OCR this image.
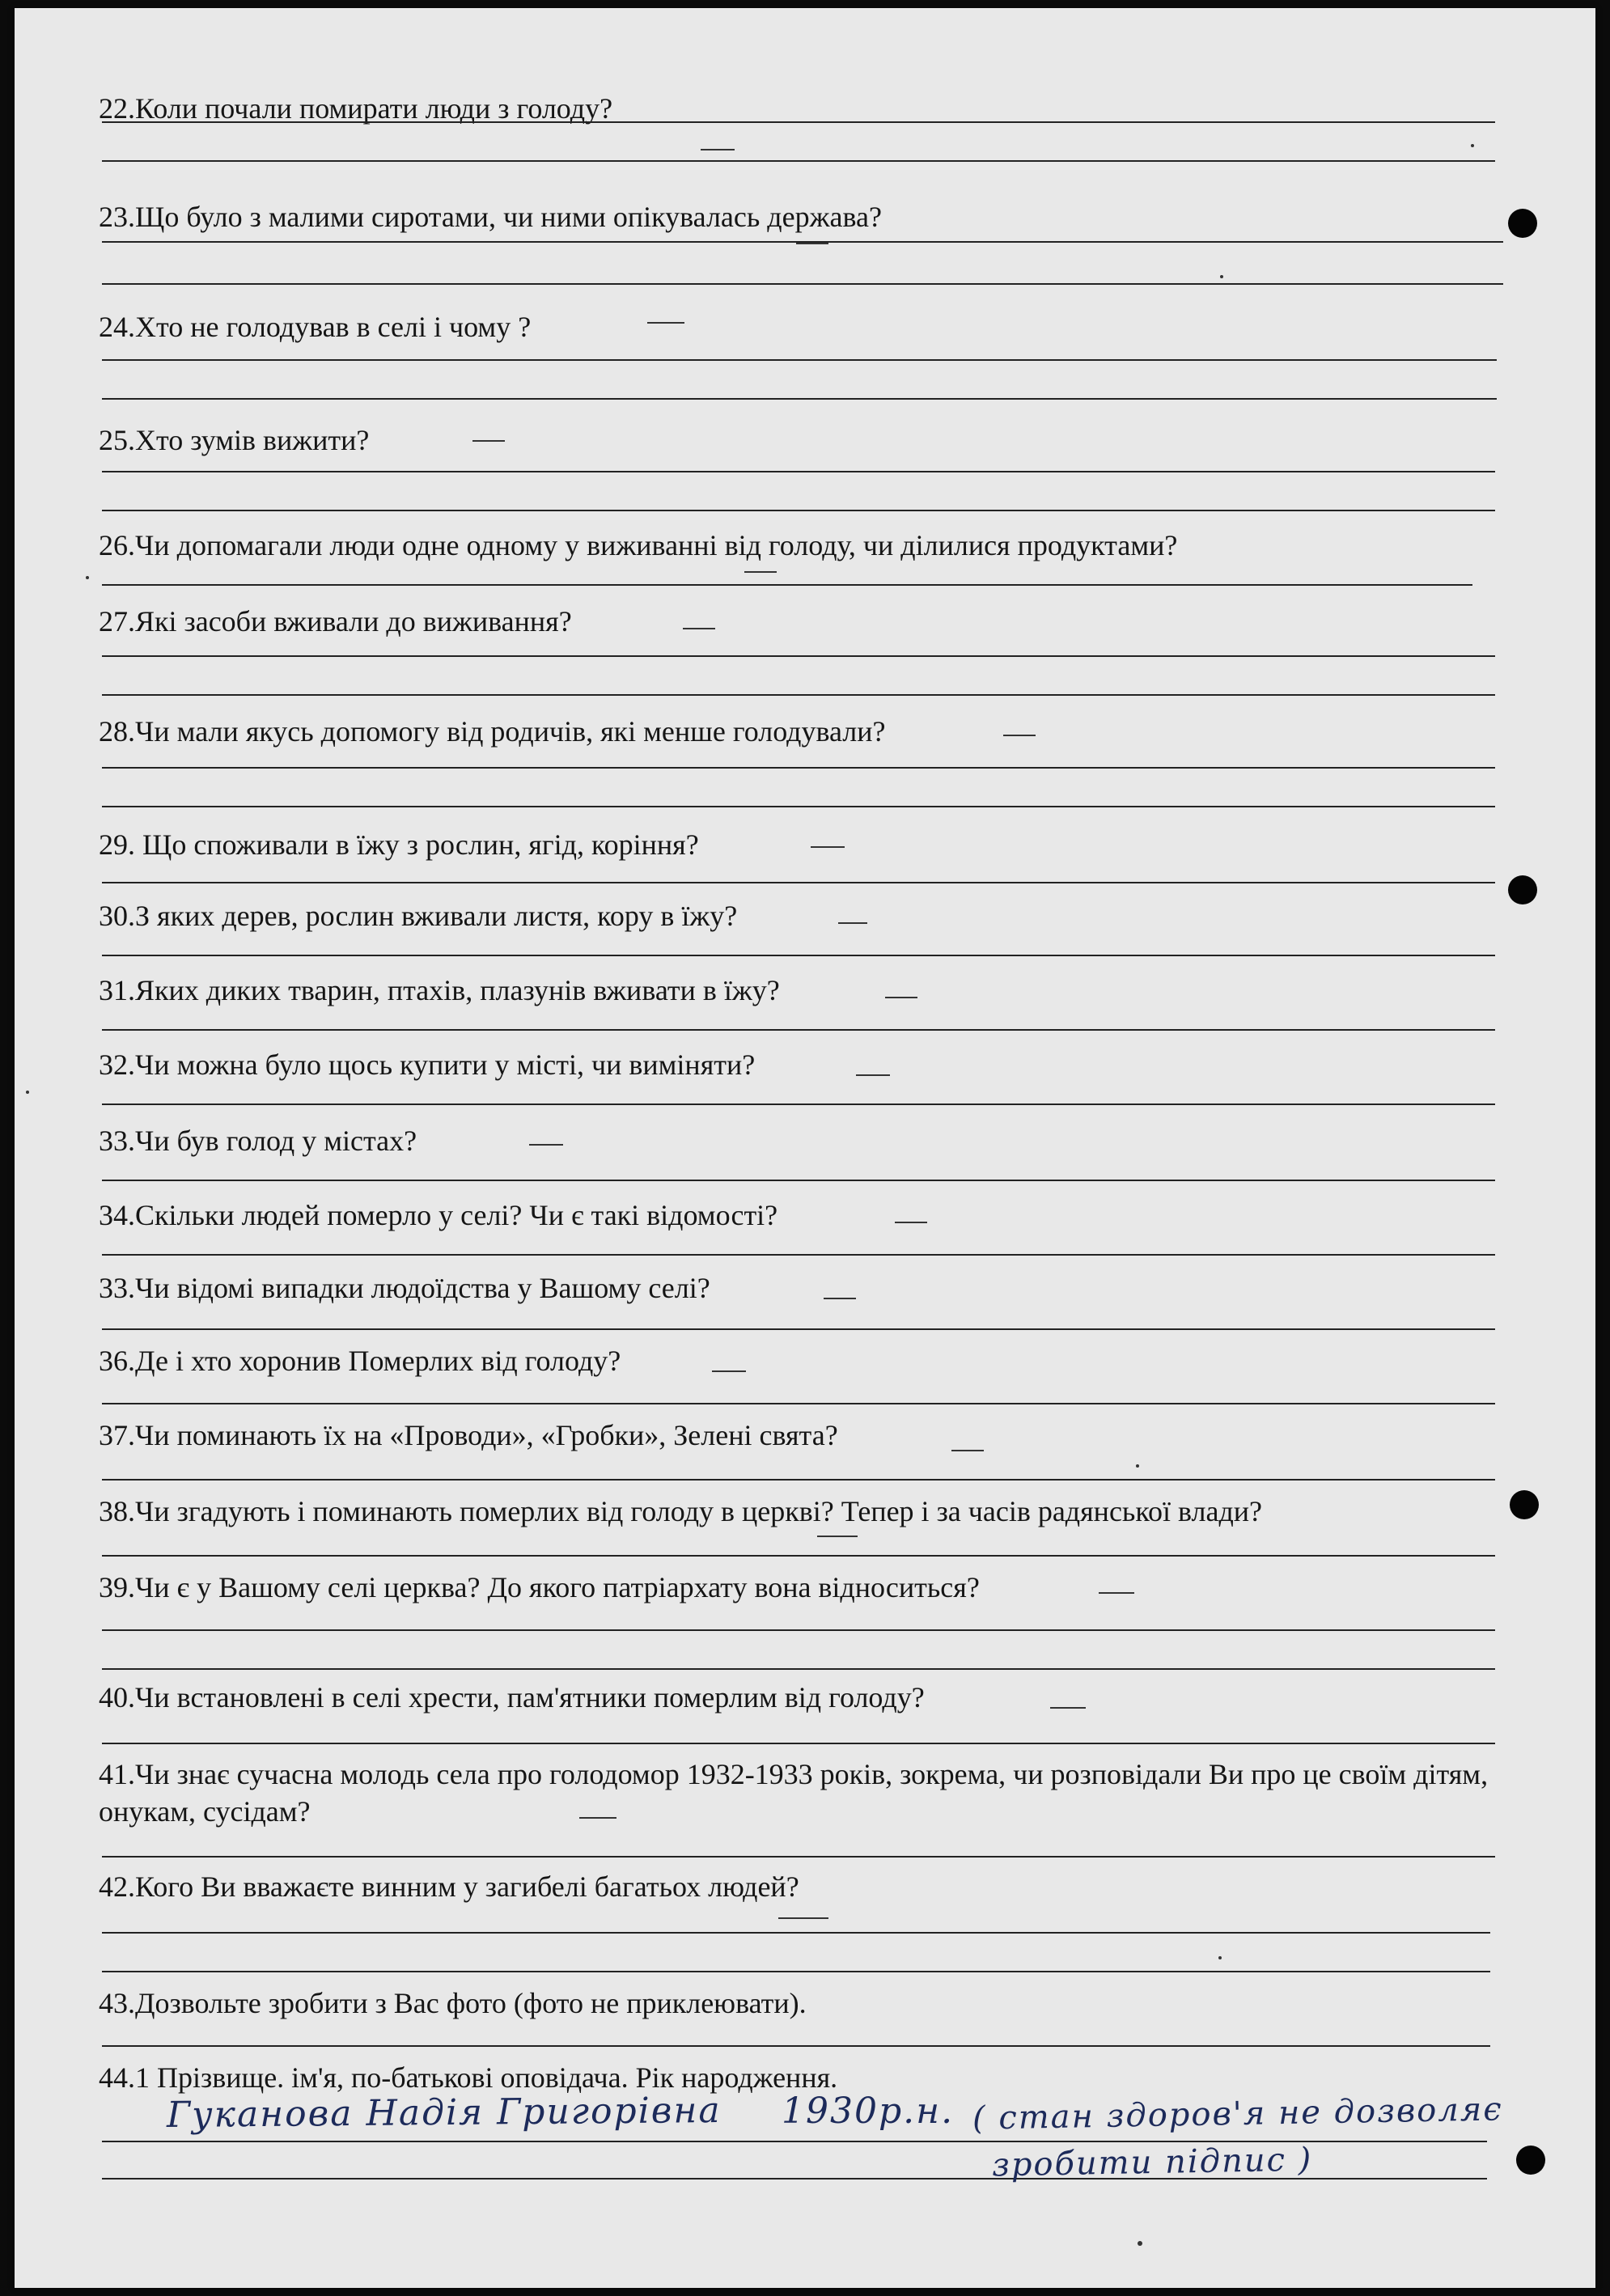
22.Коли почали помирати люди з голоду?
23.Що було з малими сиротами, чи ними опікувалась держава?
24.Хто не голодував в селі і чому ?
25.Хто зумів вижити?
26.Чи допомагали люди одне одному у виживанні від голоду, чи ділилися продуктами?
27.Які засоби вживали до виживання?
28.Чи мали якусь допомогу від родичів, які менше голодували?
29. Що споживали в їжу з рослин, ягід, коріння?
30.З яких дерев, рослин вживали листя, кору в їжу?
31.Яких диких тварин, птахів, плазунів вживати в їжу?
32.Чи можна було щось купити у місті, чи виміняти?
33.Чи був голод у містах?
34.Скільки людей померло у селі? Чи є такі відомості?
33.Чи відомі випадки людоїдства у Вашому селі?
36.Де і хто хоронив Померлих від голоду?
37.Чи поминають їх на «Проводи», «Гробки», Зелені свята?
38.Чи згадують і поминають померлих від голоду в церкві? Тепер і за часів радянської влади?
39.Чи є у Вашому селі церква? До якого патріархату вона відноситься?
40.Чи встановлені в селі хрести, пам'ятники померлим від голоду?
41.Чи знає сучасна молодь села про голодомор 1932-1933 років, зокрема, чи розповідали Ви про це своїм дітям, онукам, сусідам?
42.Кого Ви вважаєте винним у загибелі багатьох людей?
43.Дозвольте зробити з Вас фото (фото не приклеювати).
44.1 Прізвище. ім'я, по-батькові оповідача. Рік народження.
Гуканова Надія Григорівна 1930р.н. ( стан здоров'я не дозволяє
зробити підпис )
